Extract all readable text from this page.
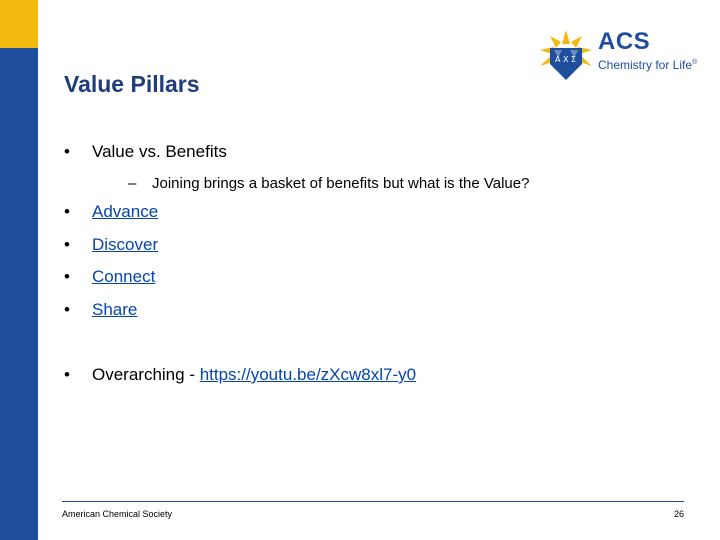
Value Pillars
Α Χ Σ
ACS
Chemistry for Life®
• Value vs. Benefits
– Joining brings a basket of benefits but what is the Value?
• Advance
• Discover
• Connect
• Share
• Overarching - https://youtu.be/zXcw8xl7-y0
American Chemical Society	26
